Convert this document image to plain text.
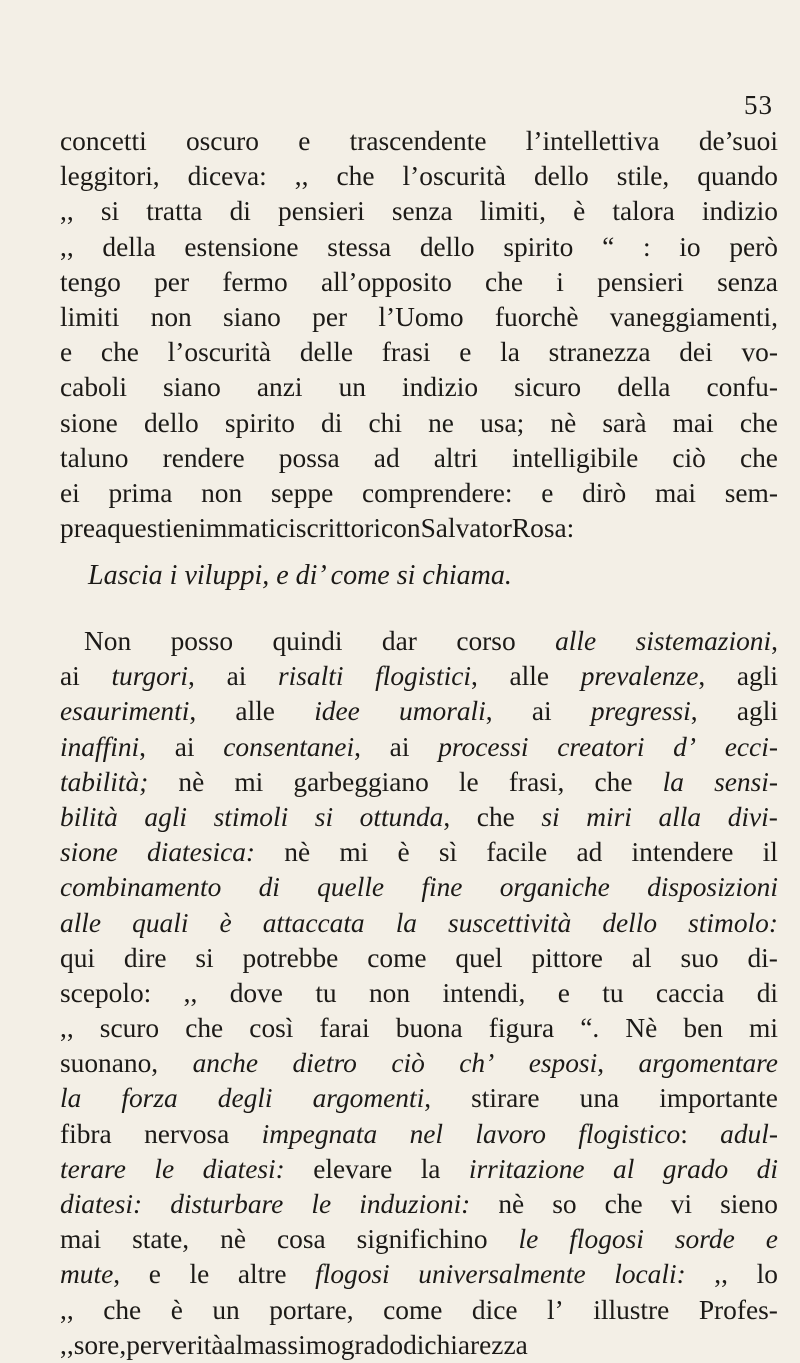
53
concetti oscuro e trascendente l’intellettiva de’suoi
leggitori, diceva: ,, che l’oscurità dello stile, quando
,, si tratta di pensieri senza limiti, è talora indizio
,, della estensione stessa dello spirito “ : io però
tengo per fermo all’opposito che i pensieri senza
limiti non siano per l’Uomo fuorchè vaneggiamenti,
e che l’oscurità delle frasi e la stranezza dei vo-
caboli siano anzi un indizio sicuro della confu-
sione dello spirito di chi ne usa; nè sarà mai che
taluno rendere possa ad altri intelligibile ciò che
ei prima non seppe comprendere: e dirò mai sem-
pre a questi enimmatici scrittori con Salvator Rosa:
Lascia i viluppi, e di’ come si chiama.
Non posso quindi dar corso alle sistemazioni,
ai turgori, ai risalti flogistici, alle prevalenze, agli
esaurimenti, alle idee umorali, ai pregressi, agli
inaffini, ai consentanei, ai processi creatori d’ ecci-
tabilità; nè mi garbeggiano le frasi, che la sensi-
bilità agli stimoli si ottunda, che si miri alla divi-
sione diatesica: nè mi è sì facile ad intendere il
combinamento di quelle fine organiche disposizioni
alle quali è attaccata la suscettività dello stimolo:
qui dire si potrebbe come quel pittore al suo di-
scepolo: ,, dove tu non intendi, e tu caccia di
,, scuro che così farai buona figura “. Nè ben mi
suonano, anche dietro ciò ch’ esposi, argomentare
la forza degli argomenti, stirare una importante
fibra nervosa impegnata nel lavoro flogistico: adul-
terare le diatesi: elevare la irritazione al grado di
diatesi: disturbare le induzioni: nè so che vi sieno
mai state, nè cosa significhino le flogosi sorde e
mute, e le altre flogosi universalmente locali: ,, lo
,, che è un portare, come dice l’ illustre Profes-
,, sore, per verità al massimo grado di chiarezza
